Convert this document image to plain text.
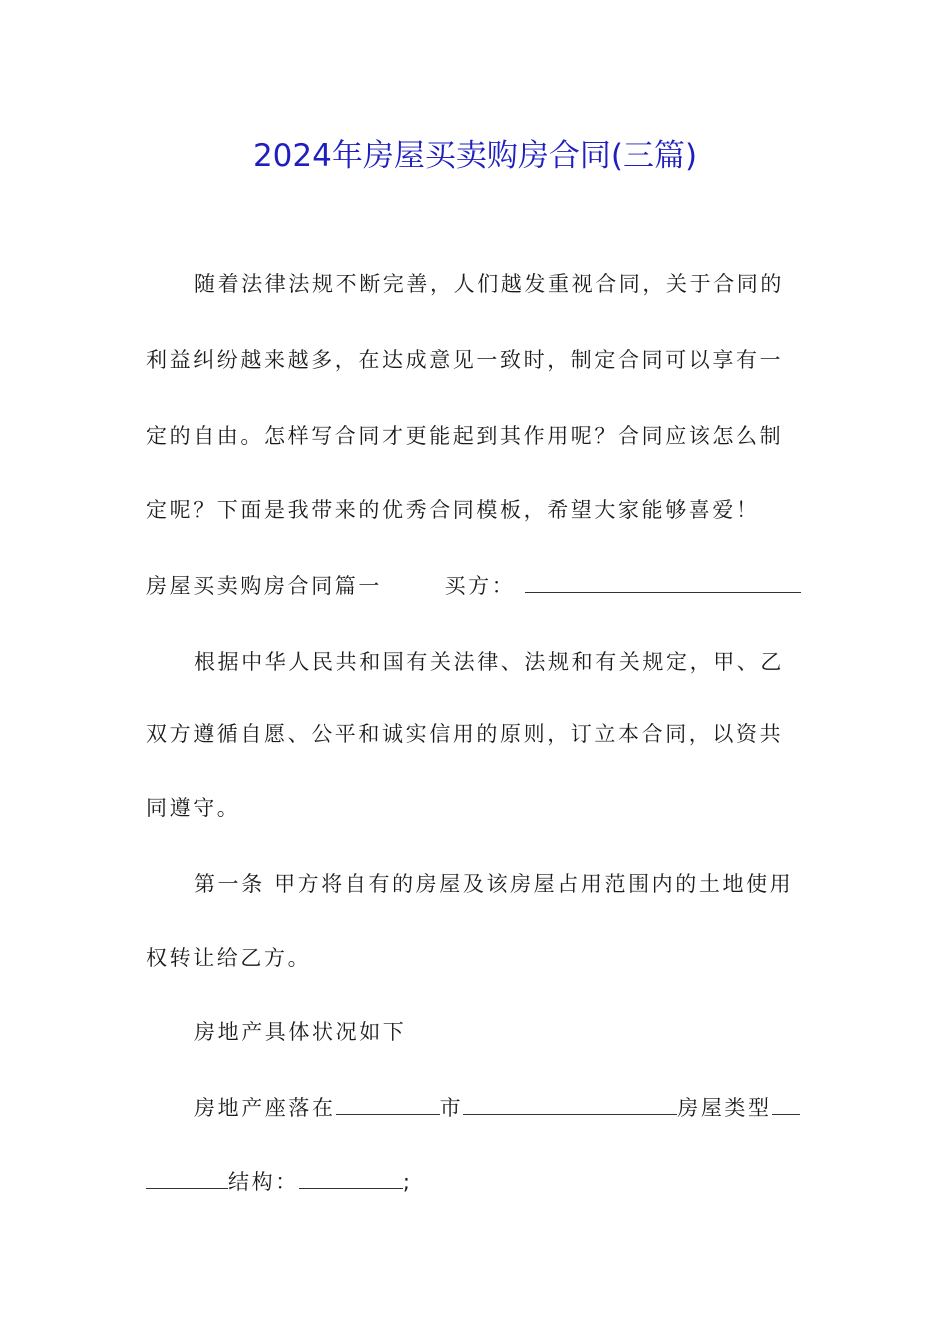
2024年房屋买卖购房合同(三篇)
随着法律法规不断完善，人们越发重视合同，关于合同的
利益纠纷越来越多，在达成意见一致时，制定合同可以享有一
定的自由。怎样写合同才更能起到其作用呢？合同应该怎么制
定呢？下面是我带来的优秀合同模板，希望大家能够喜爱！
房屋买卖购房合同篇一	买方：
根据中华人民共和国有关法律、法规和有关规定，甲、乙
双方遵循自愿、公平和诚实信用的原则，订立本合同，以资共
同遵守。
第一条 甲方将自有的房屋及该房屋占用范围内的土地使用
权转让给乙方。
房地产具体状况如下
房地产座落在	市	房屋类型
结构：	;
